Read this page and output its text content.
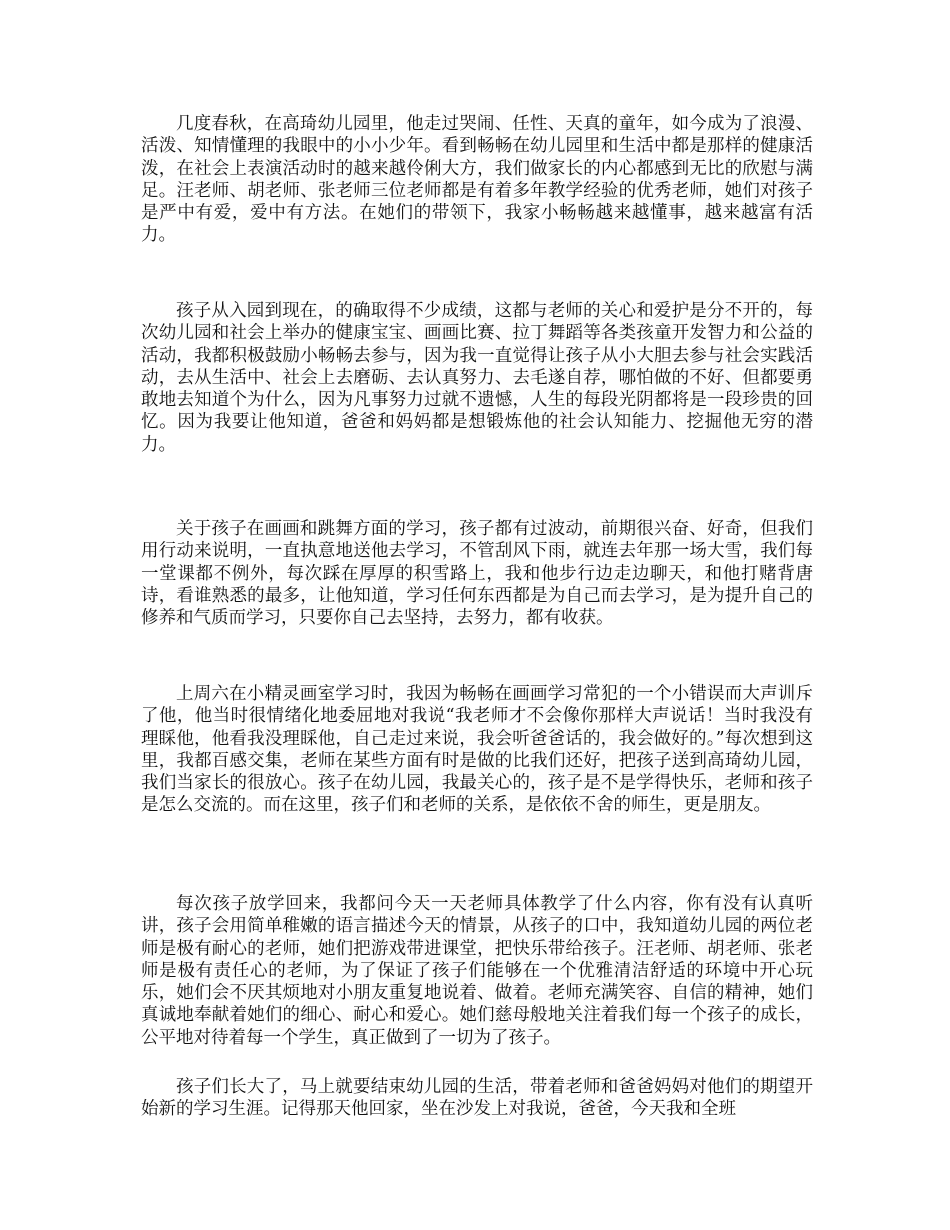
几度春秋，在高琦幼儿园里，他走过哭闹、任性、天真的童年，如今成为了浪漫、活泼、知情懂理的我眼中的小小少年。看到畅畅在幼儿园里和生活中都是那样的健康活泼，在社会上表演活动时的越来越伶俐大方，我们做家长的内心都感到无比的欣慰与满足。汪老师、胡老师、张老师三位老师都是有着多年教学经验的优秀老师，她们对孩子是严中有爱，爱中有方法。在她们的带领下，我家小畅畅越来越懂事，越来越富有活力。

孩子从入园到现在，的确取得不少成绩，这都与老师的关心和爱护是分不开的，每次幼儿园和社会上举办的健康宝宝、画画比赛、拉丁舞蹈等各类孩童开发智力和公益的活动，我都积极鼓励小畅畅去参与，因为我一直觉得让孩子从小大胆去参与社会实践活动，去从生活中、社会上去磨砺、去认真努力、去毛遂自荐，哪怕做的不好、但都要勇敢地去知道个为什么，因为凡事努力过就不遗憾，人生的每段光阴都将是一段珍贵的回忆。因为我要让他知道，爸爸和妈妈都是想锻炼他的社会认知能力、挖掘他无穷的潜力。

关于孩子在画画和跳舞方面的学习，孩子都有过波动，前期很兴奋、好奇，但我们用行动来说明，一直执意地送他去学习，不管刮风下雨，就连去年那一场大雪，我们每一堂课都不例外，每次踩在厚厚的积雪路上，我和他步行边走边聊天，和他打赌背唐诗，看谁熟悉的最多，让他知道，学习任何东西都是为自己而去学习，是为提升自己的修养和气质而学习，只要你自己去坚持，去努力，都有收获。

上周六在小精灵画室学习时，我因为畅畅在画画学习常犯的一个小错误而大声训斥了他，他当时很情绪化地委屈地对我说“我老师才不会像你那样大声说话！当时我没有理睬他，他看我没理睬他，自己走过来说，我会听爸爸话的，我会做好的。”每次想到这里，我都百感交集，老师在某些方面有时是做的比我们还好，把孩子送到高琦幼儿园，我们当家长的很放心。孩子在幼儿园，我最关心的，孩子是不是学得快乐，老师和孩子是怎么交流的。而在这里，孩子们和老师的关系，是依依不舍的师生，更是朋友。

每次孩子放学回来，我都问今天一天老师具体教学了什么内容，你有没有认真听讲，孩子会用简单稚嫩的语言描述今天的情景，从孩子的口中，我知道幼儿园的两位老师是极有耐心的老师，她们把游戏带进课堂，把快乐带给孩子。汪老师、胡老师、张老师是极有责任心的老师，为了保证了孩子们能够在一个优雅清洁舒适的环境中开心玩乐，她们会不厌其烦地对小朋友重复地说着、做着。老师充满笑容、自信的精神，她们真诚地奉献着她们的细心、耐心和爱心。她们慈母般地关注着我们每一个孩子的成长，公平地对待着每一个学生，真正做到了一切为了孩子。

孩子们长大了，马上就要结束幼儿园的生活，带着老师和爸爸妈妈对他们的期望开始新的学习生涯。记得那天他回家，坐在沙发上对我说，爸爸，今天我和全班
